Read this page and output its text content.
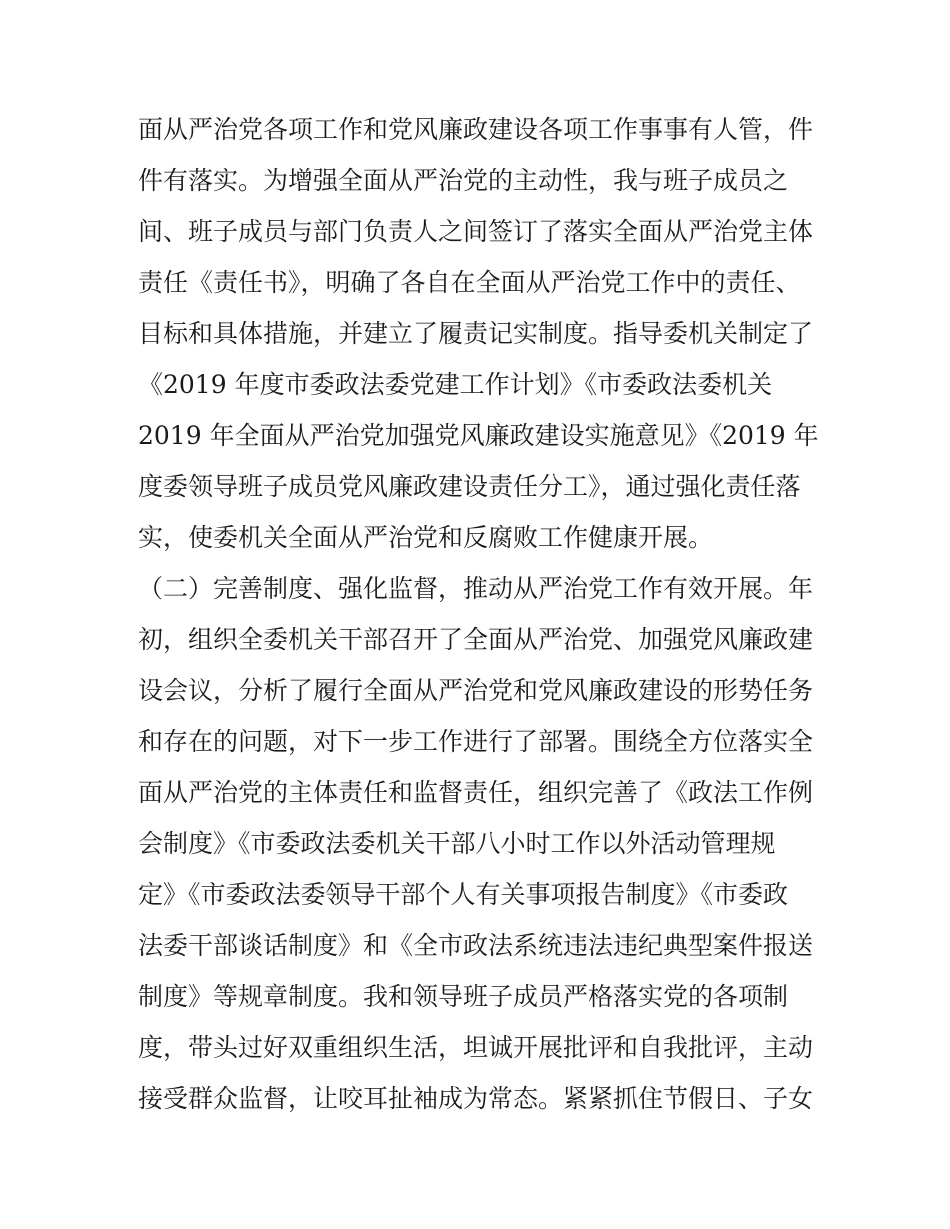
面从严治党各项工作和党风廉政建设各项工作事事有人管，件
件有落实。为增强全面从严治党的主动性，我与班子成员之
间、班子成员与部门负责人之间签订了落实全面从严治党主体
责任《责任书》，明确了各自在全面从严治党工作中的责任、
目标和具体措施，并建立了履责记实制度。指导委机关制定了
《2019 年度市委政法委党建工作计划》《市委政法委机关
2019 年全面从严治党加强党风廉政建设实施意见》《2019 年
度委领导班子成员党风廉政建设责任分工》，通过强化责任落
实，使委机关全面从严治党和反腐败工作健康开展。
（二）完善制度、强化监督，推动从严治党工作有效开展。年
初，组织全委机关干部召开了全面从严治党、加强党风廉政建
设会议，分析了履行全面从严治党和党风廉政建设的形势任务
和存在的问题，对下一步工作进行了部署。围绕全方位落实全
面从严治党的主体责任和监督责任，组织完善了《政法工作例
会制度》《市委政法委机关干部八小时工作以外活动管理规
定》《市委政法委领导干部个人有关事项报告制度》《市委政
法委干部谈话制度》和《全市政法系统违法违纪典型案件报送
制度》等规章制度。我和领导班子成员严格落实党的各项制
度，带头过好双重组织生活，坦诚开展批评和自我批评，主动
接受群众监督，让咬耳扯袖成为常态。紧紧抓住节假日、子女
